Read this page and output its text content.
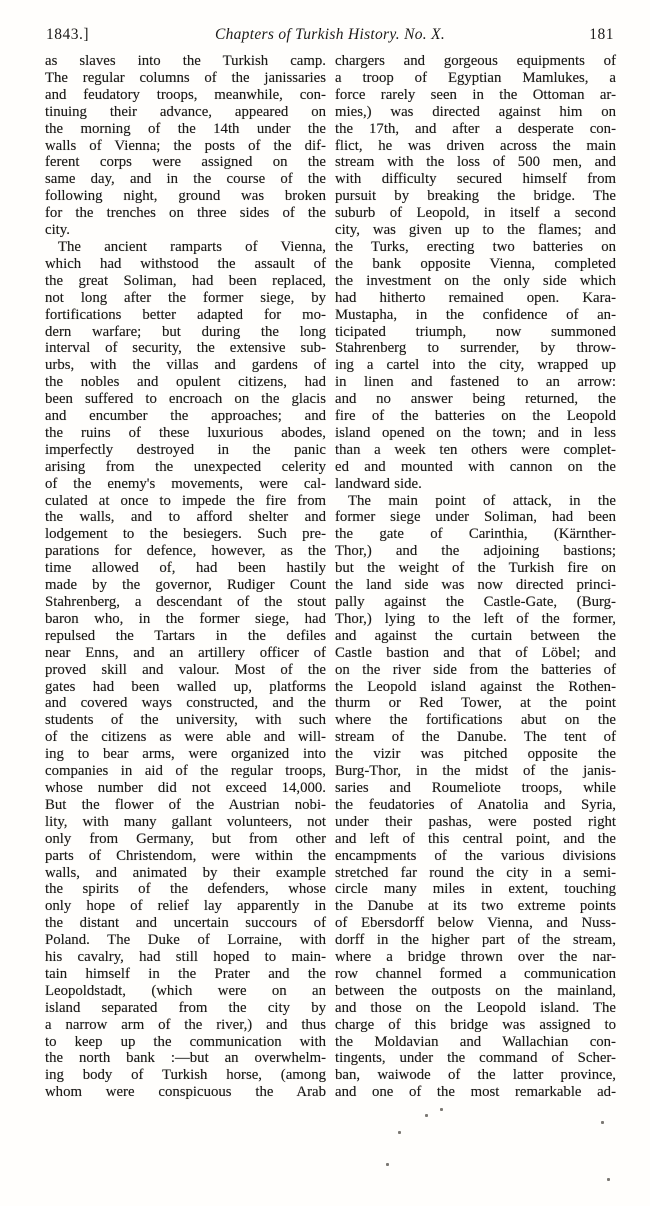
1843.]	Chapters of Turkish History. No. X.	181
as slaves into the Turkish camp.
The regular columns of the janissaries
and feudatory troops, meanwhile, con-
tinuing their advance, appeared on
the morning of the 14th under the
walls of Vienna; the posts of the dif-
ferent corps were assigned on the
same day, and in the course of the
following night, ground was broken
for the trenches on three sides of the
city.
The ancient ramparts of Vienna,
which had withstood the assault of
the great Soliman, had been replaced,
not long after the former siege, by
fortifications better adapted for mo-
dern warfare; but during the long
interval of security, the extensive sub-
urbs, with the villas and gardens of
the nobles and opulent citizens, had
been suffered to encroach on the glacis
and encumber the approaches; and
the ruins of these luxurious abodes,
imperfectly destroyed in the panic
arising from the unexpected celerity
of the enemy's movements, were cal-
culated at once to impede the fire from
the walls, and to afford shelter and
lodgement to the besiegers. Such pre-
parations for defence, however, as the
time allowed of, had been hastily
made by the governor, Rudiger Count
Stahrenberg, a descendant of the stout
baron who, in the former siege, had
repulsed the Tartars in the defiles
near Enns, and an artillery officer of
proved skill and valour. Most of the
gates had been walled up, platforms
and covered ways constructed, and the
students of the university, with such
of the citizens as were able and will-
ing to bear arms, were organized into
companies in aid of the regular troops,
whose number did not exceed 14,000.
But the flower of the Austrian nobi-
lity, with many gallant volunteers, not
only from Germany, but from other
parts of Christendom, were within the
walls, and animated by their example
the spirits of the defenders, whose
only hope of relief lay apparently in
the distant and uncertain succours of
Poland. The Duke of Lorraine, with
his cavalry, had still hoped to main-
tain himself in the Prater and the
Leopoldstadt, (which were on an
island separated from the city by
a narrow arm of the river,) and thus
to keep up the communication with
the north bank :—but an overwhelm-
ing body of Turkish horse, (among
whom were conspicuous the Arab
chargers and gorgeous equipments of
a troop of Egyptian Mamlukes, a
force rarely seen in the Ottoman ar-
mies,) was directed against him on
the 17th, and after a desperate con-
flict, he was driven across the main
stream with the loss of 500 men, and
with difficulty secured himself from
pursuit by breaking the bridge. The
suburb of Leopold, in itself a second
city, was given up to the flames; and
the Turks, erecting two batteries on
the bank opposite Vienna, completed
the investment on the only side which
had hitherto remained open. Kara-
Mustapha, in the confidence of an-
ticipated triumph, now summoned
Stahrenberg to surrender, by throw-
ing a cartel into the city, wrapped up
in linen and fastened to an arrow:
and no answer being returned, the
fire of the batteries on the Leopold
island opened on the town; and in less
than a week ten others were complet-
ed and mounted with cannon on the
landward side.
The main point of attack, in the
former siege under Soliman, had been
the gate of Carinthia, (Kärnther-
Thor,) and the adjoining bastions;
but the weight of the Turkish fire on
the land side was now directed princi-
pally against the Castle-Gate, (Burg-
Thor,) lying to the left of the former,
and against the curtain between the
Castle bastion and that of Löbel; and
on the river side from the batteries of
the Leopold island against the Rothen-
thurm or Red Tower, at the point
where the fortifications abut on the
stream of the Danube. The tent of
the vizir was pitched opposite the
Burg-Thor, in the midst of the janis-
saries and Roumeliote troops, while
the feudatories of Anatolia and Syria,
under their pashas, were posted right
and left of this central point, and the
encampments of the various divisions
stretched far round the city in a semi-
circle many miles in extent, touching
the Danube at its two extreme points
of Ebersdorff below Vienna, and Nuss-
dorff in the higher part of the stream,
where a bridge thrown over the nar-
row channel formed a communication
between the outposts on the mainland,
and those on the Leopold island. The
charge of this bridge was assigned to
the Moldavian and Wallachian con-
tingents, under the command of Scher-
ban, waiwode of the latter province,
and one of the most remarkable ad-
